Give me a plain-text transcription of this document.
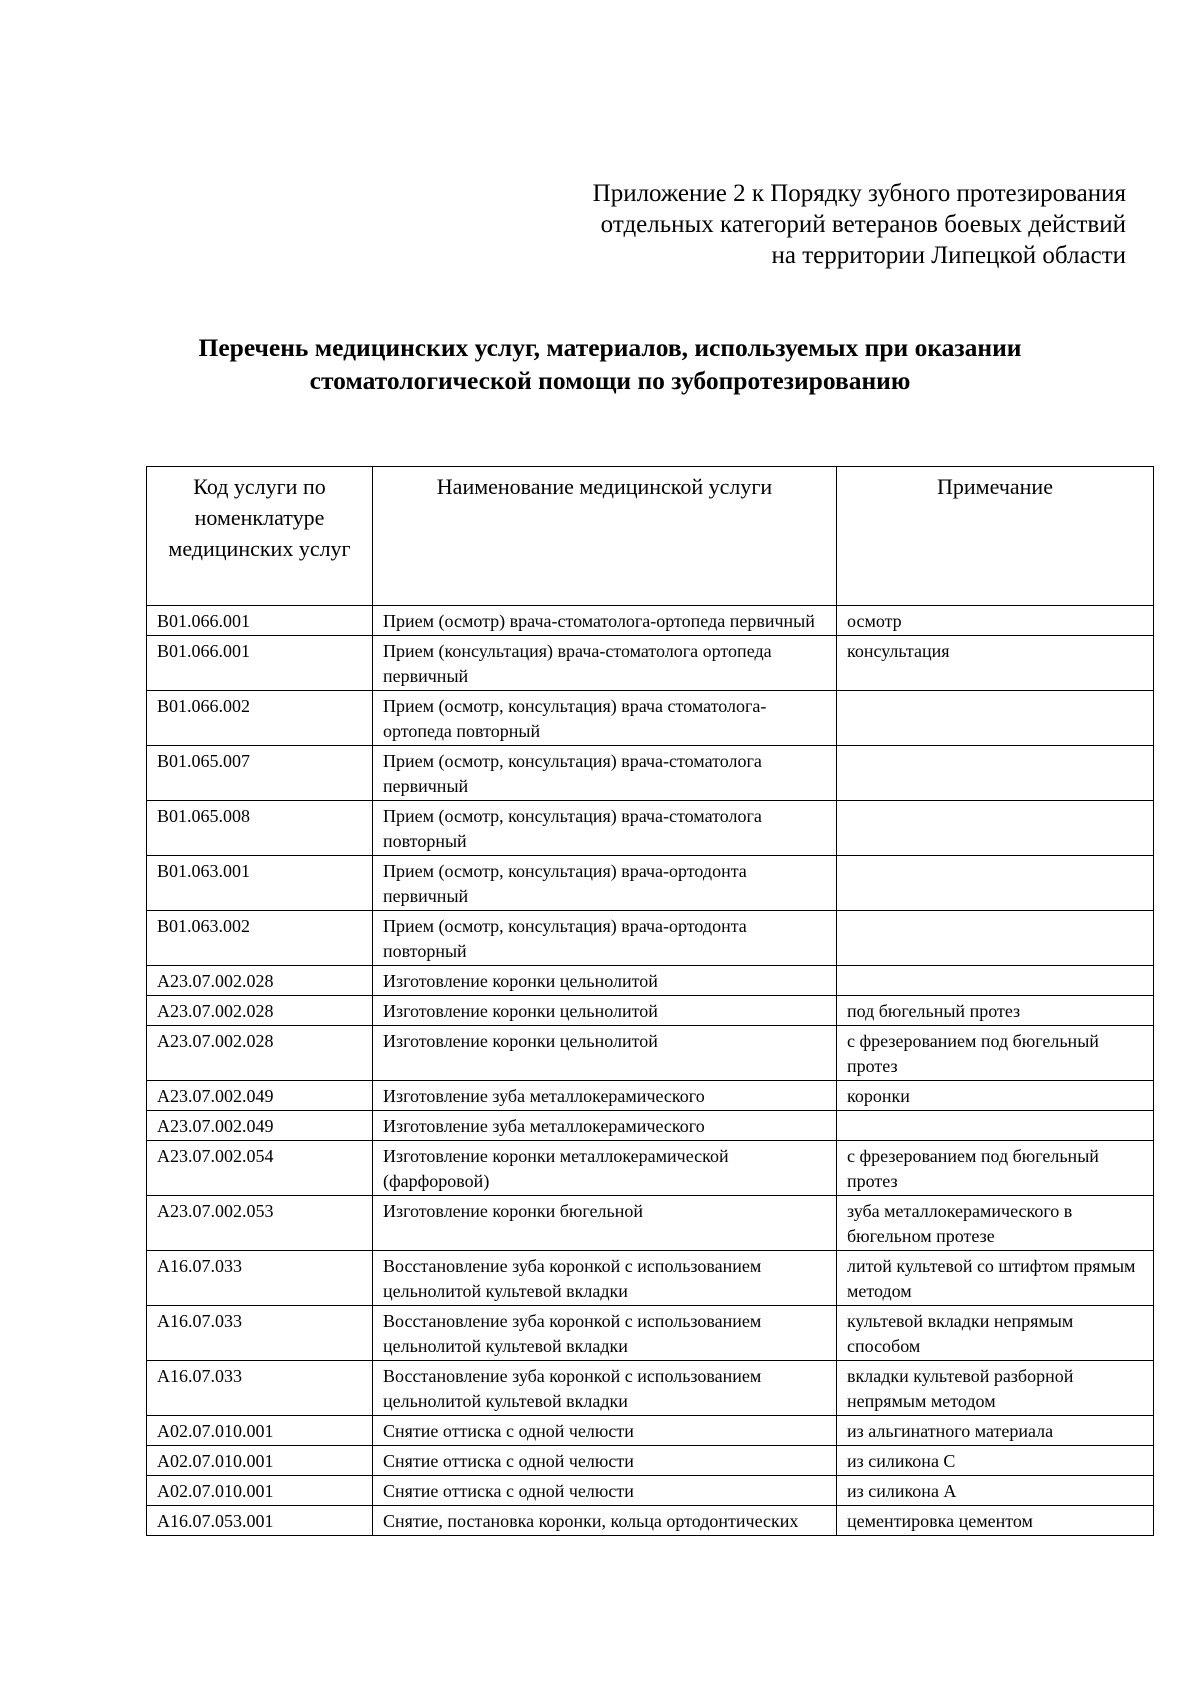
Приложение 2 к Порядку зубного протезирования
отдельных категорий ветеранов боевых действий
на территории Липецкой области
Перечень медицинских услуг, материалов, используемых при оказании
стоматологической помощи по зубопротезированию
Код услуги по номенклатуре медицинских услуг	Наименование медицинской услуги	Примечание
B01.066.001	Прием (осмотр) врача-стоматолога-ортопеда первичный	осмотр
B01.066.001	Прием (консультация) врача-стоматолога ортопеда первичный	консультация
B01.066.002	Прием (осмотр, консультация) врача стоматолога-ортопеда повторный	
B01.065.007	Прием (осмотр, консультация) врача-стоматолога первичный	
B01.065.008	Прием (осмотр, консультация) врача-стоматолога повторный	
B01.063.001	Прием (осмотр, консультация) врача-ортодонта первичный	
B01.063.002	Прием (осмотр, консультация) врача-ортодонта повторный	
A23.07.002.028	Изготовление коронки цельнолитой	
A23.07.002.028	Изготовление коронки цельнолитой	под бюгельный протез
A23.07.002.028	Изготовление коронки цельнолитой	с фрезерованием под бюгельный протез
A23.07.002.049	Изготовление зуба металлокерамического	коронки
A23.07.002.049	Изготовление зуба металлокерамического	
A23.07.002.054	Изготовление коронки металлокерамической (фарфоровой)	с фрезерованием под бюгельный протез
A23.07.002.053	Изготовление коронки бюгельной	зуба металлокерамического в бюгельном протезе
A16.07.033	Восстановление зуба коронкой с использованием цельнолитой культевой вкладки	литой культевой со штифтом прямым методом
A16.07.033	Восстановление зуба коронкой с использованием цельнолитой культевой вкладки	культевой вкладки непрямым способом
A16.07.033	Восстановление зуба коронкой с использованием цельнолитой культевой вкладки	вкладки культевой разборной непрямым методом
A02.07.010.001	Снятие оттиска с одной челюсти	из альгинатного материала
A02.07.010.001	Снятие оттиска с одной челюсти	из силикона С
A02.07.010.001	Снятие оттиска с одной челюсти	из силикона А
A16.07.053.001	Снятие, постановка коронки, кольца ортодонтических	цементировка цементом
